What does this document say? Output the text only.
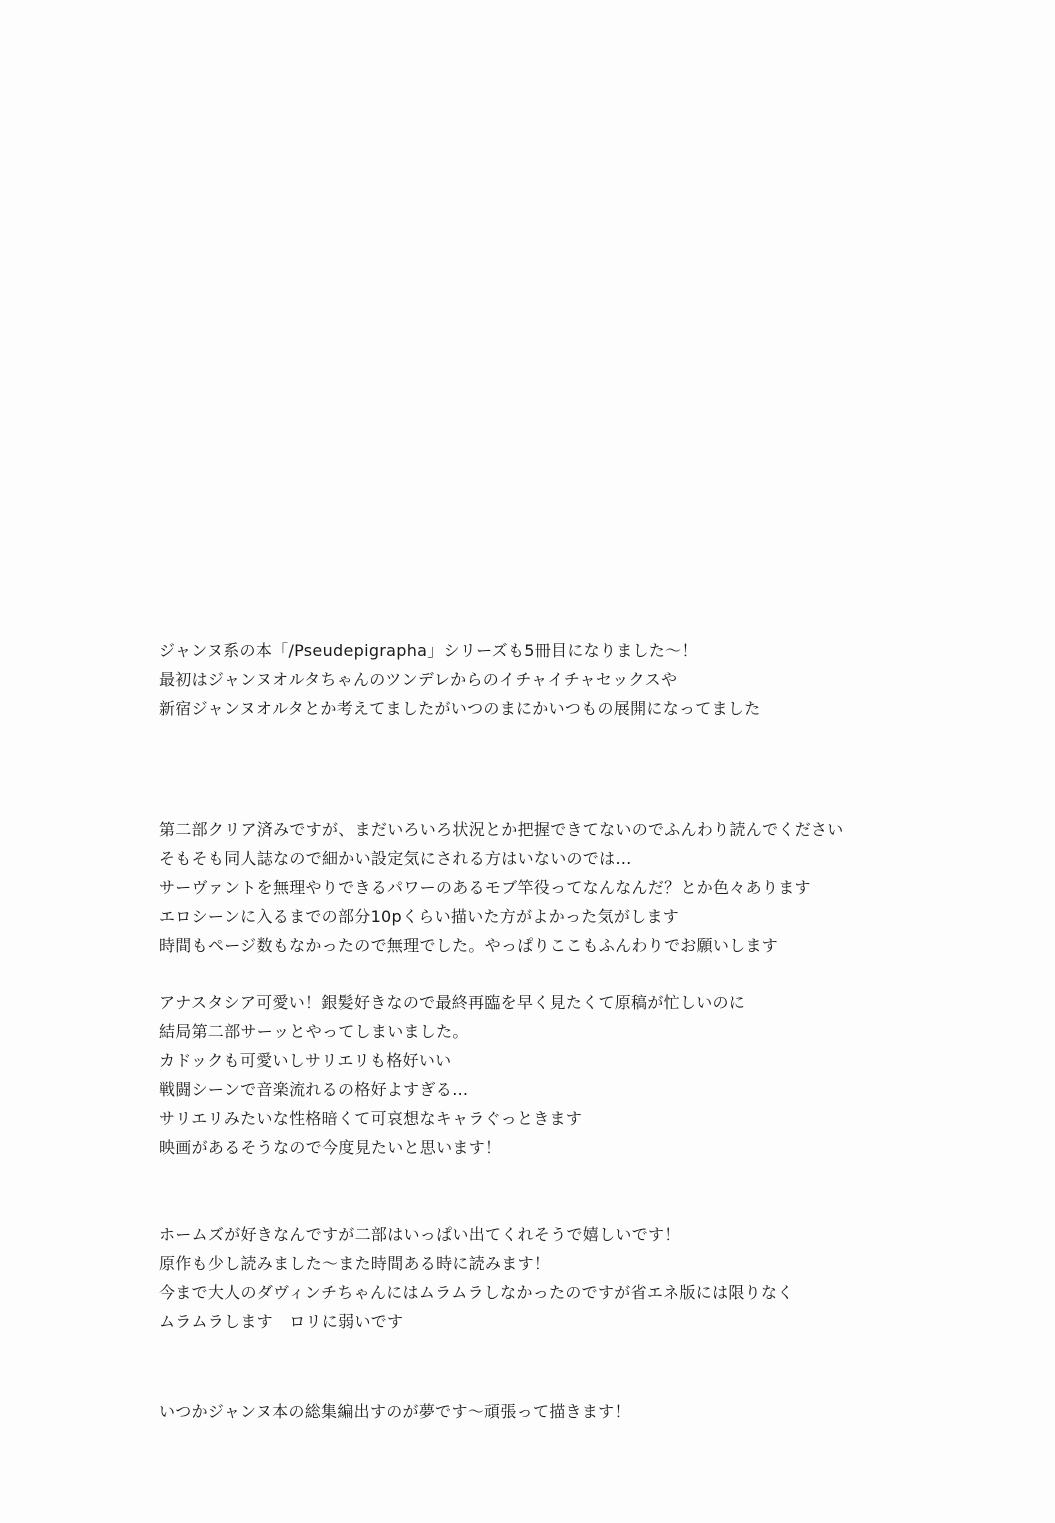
ジャンヌ系の本「/Pseudepigrapha」シリーズも5冊目になりました〜！
最初はジャンヌオルタちゃんのツンデレからのイチャイチャセックスや
新宿ジャンヌオルタとか考えてましたがいつのまにかいつもの展開になってました
第二部クリア済みですが、まだいろいろ状況とか把握できてないのでふんわり読んでください
そもそも同人誌なので細かい設定気にされる方はいないのでは…
サーヴァントを無理やりできるパワーのあるモブ竿役ってなんなんだ？とか色々あります
エロシーンに入るまでの部分10pくらい描いた方がよかった気がします
時間もページ数もなかったので無理でした。やっぱりここもふんわりでお願いします
アナスタシア可愛い！銀髪好きなので最終再臨を早く見たくて原稿が忙しいのに
結局第二部サーッとやってしまいました。
カドックも可愛いしサリエリも格好いい
戦闘シーンで音楽流れるの格好よすぎる…
サリエリみたいな性格暗くて可哀想なキャラぐっときます
映画があるそうなので今度見たいと思います！
ホームズが好きなんですが二部はいっぱい出てくれそうで嬉しいです！
原作も少し読みました〜また時間ある時に読みます！
今まで大人のダヴィンチちゃんにはムラムラしなかったのですが省エネ版には限りなく
ムラムラします　ロリに弱いです
いつかジャンヌ本の総集編出すのが夢です〜頑張って描きます！
